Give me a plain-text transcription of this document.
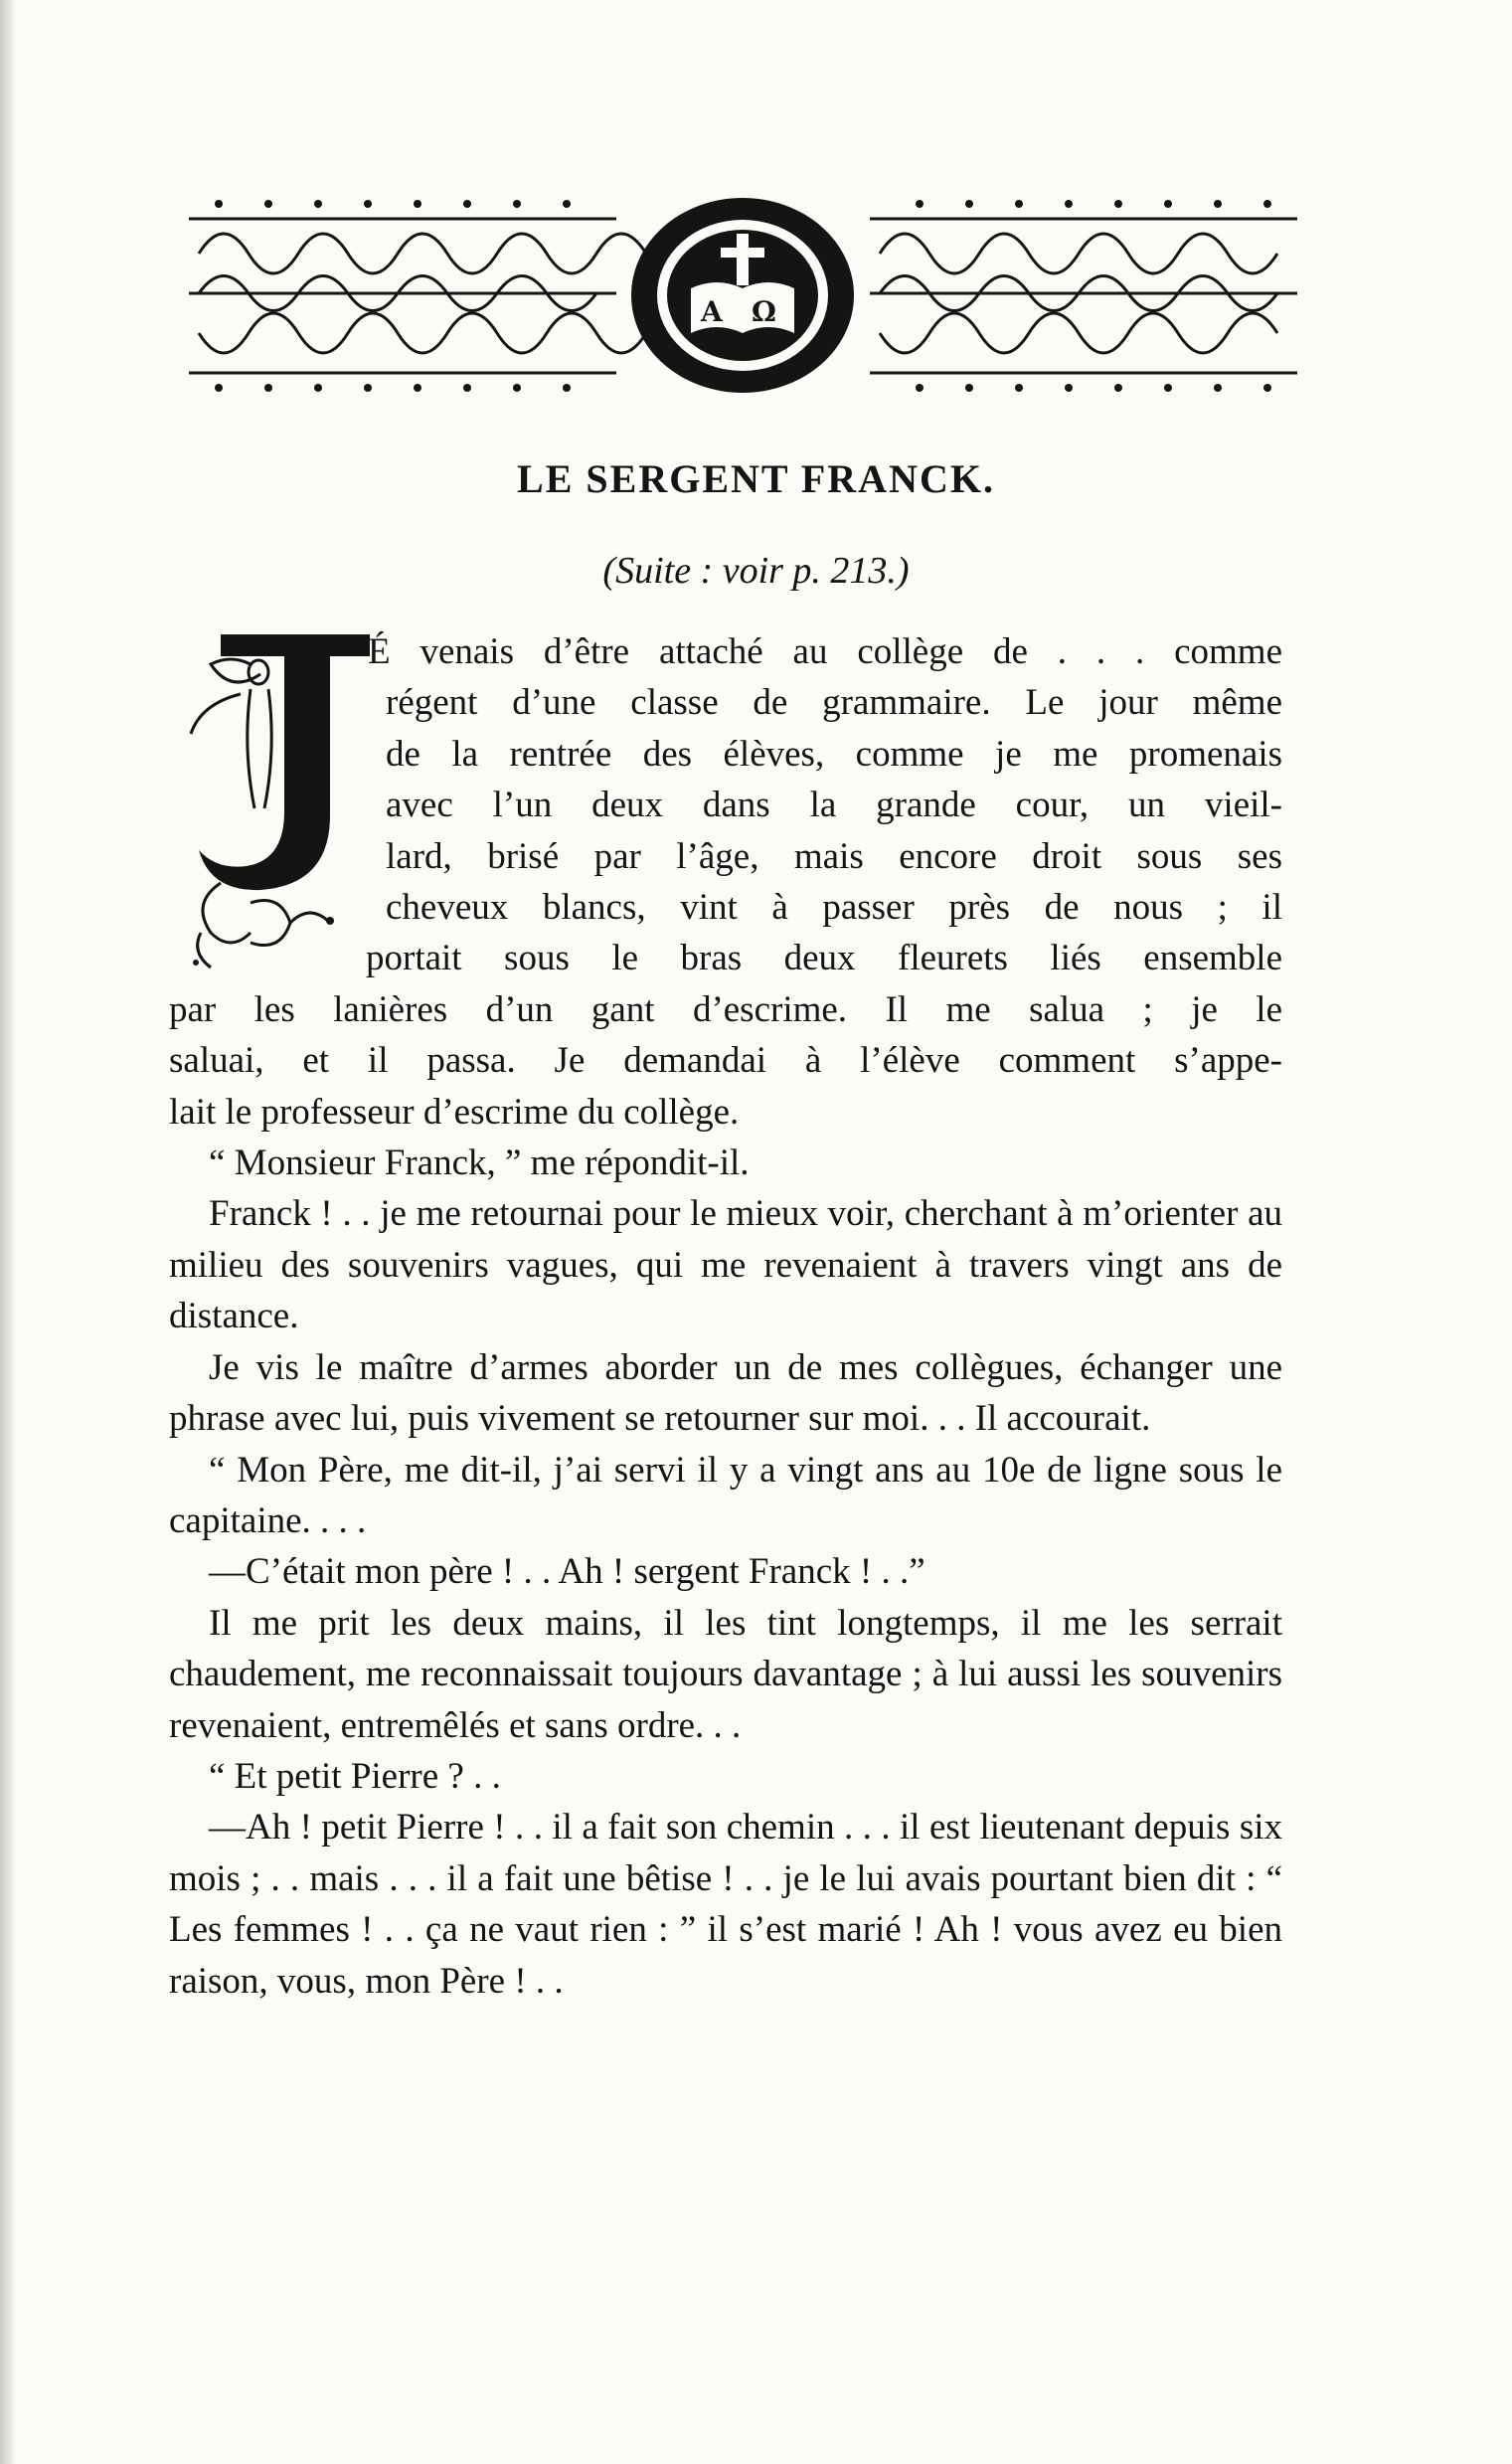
A Ω
LE SERGENT FRANCK.
(Suite : voir p. 213.)
É venais d’être attaché au collège de . . . comme
régent d’une classe de grammaire. Le jour même
de la rentrée des élèves, comme je me promenais
avec l’un deux dans la grande cour, un vieil-
lard, brisé par l’âge, mais encore droit sous ses
cheveux blancs, vint à passer près de nous ; il
portait sous le bras deux fleurets liés ensemble
par les lanières d’un gant d’escrime. Il me salua ; je le
saluai, et il passa. Je demandai à l’élève comment s’appe-
lait le professeur d’escrime du collège.

“ Monsieur Franck, ” me répondit-il.

Franck ! . . je me retournai pour le mieux voir, cherchant à m’orienter au milieu des souvenirs vagues, qui me revenaient à travers vingt ans de distance.

Je vis le maître d’armes aborder un de mes collègues, échanger une phrase avec lui, puis vivement se retourner sur moi. . . Il accourait.

“ Mon Père, me dit-il, j’ai servi il y a vingt ans au 10e de ligne sous le capitaine. . . .

—C’était mon père ! . . Ah ! sergent Franck ! . .”

Il me prit les deux mains, il les tint longtemps, il me les serrait chaudement, me reconnaissait toujours davantage ; à lui aussi les souvenirs revenaient, entremêlés et sans ordre. . .

“ Et petit Pierre ? . .

—Ah ! petit Pierre ! . . il a fait son chemin . . . il est lieutenant depuis six mois ; . . mais . . . il a fait une bêtise ! . . je le lui avais pourtant bien dit : “ Les femmes ! . . ça ne vaut rien : ” il s’est marié ! Ah ! vous avez eu bien raison, vous, mon Père ! . .
